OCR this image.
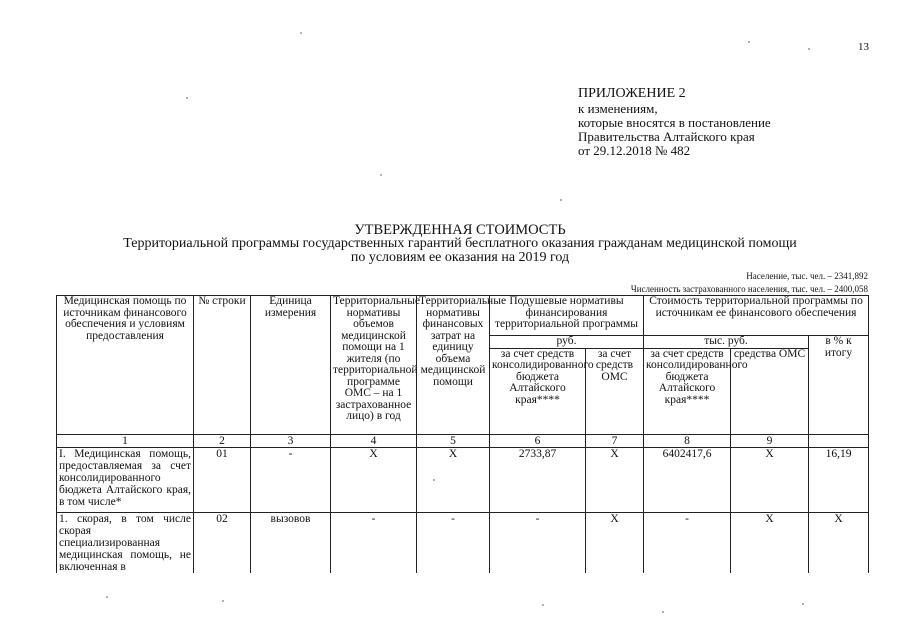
13
ПРИЛОЖЕНИЕ 2
к изменениям,
которые вносятся в постановление
Правительства Алтайского края
от 29.12.2018 № 482
УТВЕРЖДЕННАЯ СТОИМОСТЬ
Территориальной программы государственных гарантий бесплатного оказания гражданам медицинской помощи
по условиям ее оказания на 2019 год
Население, тыс. чел. – 2341,892
Численность застрахованного населения, тыс. чел. – 2400,058
Медицинская помощь по источникам финансового обеспечения и условиям предоставления	№ строки	Единица измерения	Территориальные нормативы объемов медицинской помощи на 1 жителя (по территориальной программе ОМС – на 1 застрахованное лицо) в год	Территориальные нормативы финансовых затрат на единицу объема медицинской помощи	Подушевые нормативы финансирования территориальной программы		Стоимость территориальной программы по источникам ее финансового обеспечения		
					руб.		тыс. руб.		в % к итогу
					за счет средств консолидированного бюджета Алтайского края****	за счет средств ОМС	за счет средств консолидированного бюджета Алтайского края****	средства ОМС	
1	2	3	4	5	6	7	8	9	
I. Медицинская помощь, предоставляемая за счет консолидированного бюджета Алтайского края, в том числе*	01	-	X	X	2733,87	X	6402417,6	X	16,19
1. скорая, в том числе скорая специализированная медицинская помощь, не включенная в	02	вызовов	-	-	-	X	-	X	X
